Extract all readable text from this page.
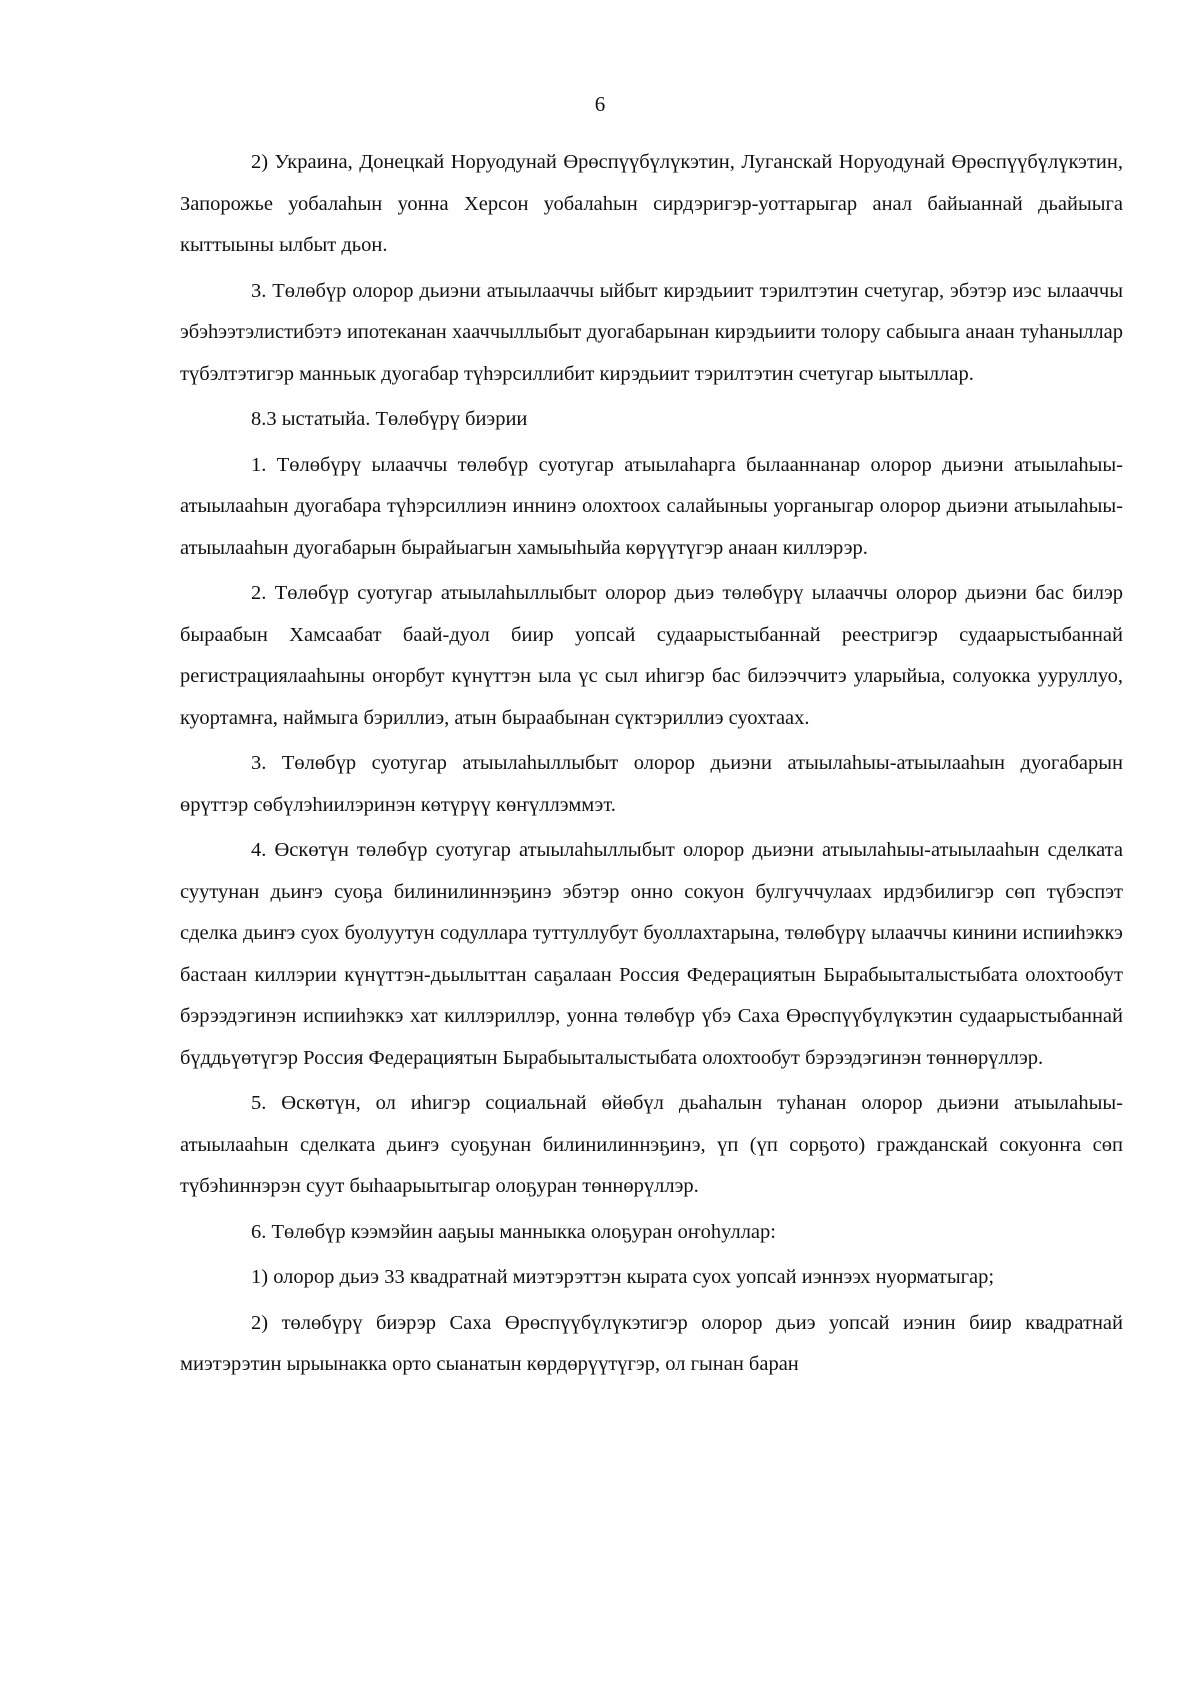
6

2) Украина, Донецкай Норуодунай Өрөспүүбүлүкэтин, Луганскай Норуодунай Өрөспүүбүлүкэтин, Запорожье уобалаһын уонна Херсон уобалаһын сирдэригэр-уоттарыгар анал байыаннай дьайыыга кыттыыны ылбыт дьон.

3. Төлөбүр олорор дьиэни атыылааччы ыйбыт кирэдьиит тэрилтэтин счетугар, эбэтэр иэс ылааччы эбэһээтэлистибэтэ ипотеканан хааччыллыбыт дуогабарынан кирэдьиити толору сабыыга анаан туһаныллар түбэлтэтигэр манньык дуогабар түһэрсиллибит кирэдьиит тэрилтэтин счетугар ыытыллар.

8.3 ыстатыйа. Төлөбүрү биэрии

1. Төлөбүрү ылааччы төлөбүр суотугар атыылаһарга былааннанар олорор дьиэни атыылаһыы-атыылааһын дуогабара түһэрсиллиэн иннинэ олохтоох салайыныы уорганыгар олорор дьиэни атыылаһыы-атыылааһын дуогабарын бырайыагын хамыыһыйа көрүүтүгэр анаан киллэрэр.

2. Төлөбүр суотугар атыылаһыллыбыт олорор дьиэ төлөбүрү ылааччы олорор дьиэни бас билэр быраабын Хамсаабат баай-дуол биир уопсай судаарыстыбаннай реестригэр судаарыстыбаннай регистрациялааһыны оҥорбут күнүттэн ыла үс сыл иһигэр бас билээччитэ уларыйыа, солуокка ууруллуо, куортамҥа, наймыга бэриллиэ, атын быраабынан сүктэриллиэ суохтаах.

3. Төлөбүр суотугар атыылаһыллыбыт олорор дьиэни атыылаһыы-атыылааһын дуогабарын өрүттэр сөбүлэһиилэринэн көтүрүү көҥүллэммэт.

4. Өскөтүн төлөбүр суотугар атыылаһыллыбыт олорор дьиэни атыылаһыы-атыылааһын сделката суутунан дьиҥэ суоҕа билинилиннэҕинэ эбэтэр онно сокуон булгуччулаах ирдэбилигэр сөп түбэспэт сделка дьиҥэ суох буолуутун содуллара туттуллубут буоллахтарына, төлөбүрү ылааччы кинини испииһэккэ бастаан киллэрии күнүттэн-дьылыттан саҕалаан Россия Федерациятын Бырабыыталыстыбата олохтообут бэрээдэгинэн испииһэккэ хат киллэриллэр, уонна төлөбүр үбэ Саха Өрөспүүбүлүкэтин судаарыстыбаннай бүддьүөтүгэр Россия Федерациятын Бырабыыталыстыбата олохтообут бэрээдэгинэн төннөрүллэр.

5. Өскөтүн, ол иһигэр социальнай өйөбүл дьаһалын туһанан олорор дьиэни атыылаһыы-атыылааһын сделката дьиҥэ суоҕунан билинилиннэҕинэ, үп (үп сорҕото) гражданскай сокуонҥа сөп түбэһиннэрэн суут быһаарыытыгар олоҕуран төннөрүллэр.

6. Төлөбүр кээмэйин ааҕыы манныкка олоҕуран оҥоһуллар:

1) олорор дьиэ 33 квадратнай миэтэрэттэн кырата суох уопсай иэннээх нуорматыгар;

2) төлөбүрү биэрэр Саха Өрөспүүбүлүкэтигэр олорор дьиэ уопсай иэнин биир квадратнай миэтэрэтин ырыынакка орто сыанатын көрдөрүүтүгэр, ол гынан баран
